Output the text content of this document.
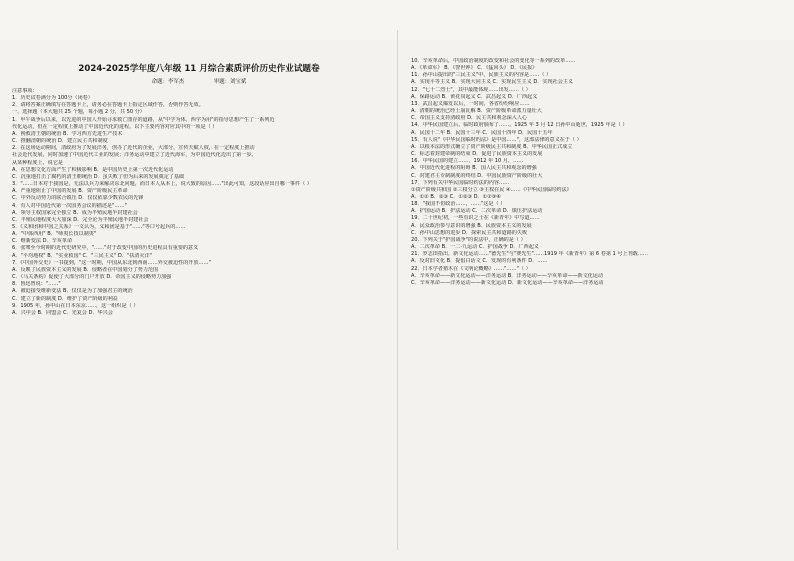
2024-2025学年度八年级 11 月综合素质评价历史作业试题卷
命题：李军杰	审题：刘宝斌
注意事项：
1．历史试卷满分为 100分（闭卷）
2．请将答案正确填写在答题卡上，请务必在答题卡上指定区域作答，否则作答无效。
一、选择题（本大题共 25 个题，每小题 2 分，共 50 分）
1．甲午战争后以来，以先进的中国人开始寻求救亡图存的道路，从"中学为体，西学为用"的指导思想产生了一系列近
代化运动，但在一定程度上推动了中国近代化的进程。以下主要内容对应其中的一项是（ ）
A．挽救清王朝的统治 B．学习西方先进生产技术
C．推翻清朝的统治 D．建立民主共和制度
2．在这场运动期间，清政府为了发展洋务，创办了近代的企业，大部分，宣传天赋人权，在一定程度上推动
社会近代发展，同时加速了中国近代工业的发展；洋务运动中建立了近代海军，为中国近代化迈出了第一步。
从某种程度上，说它是
A．在思想文化方面产生了积极影响 B．是中国历史上第一次近代化运动
C．沉重地打击了腐朽的清王朝统治 D．虽失败了但为后来的发展奠定了基础
3．"……日本对于我国是，无法以兵力来解决东北问题，而日本人从本上，说大致的原因……"出此可知，这段话应出自哪一事件（ ）
A．严重地阻止了中国的发展 B．资产阶级民主革命
C．中外反动势力的联合镇压 D．仅仅依靠少数农民的先锋
4．有人对中国近代第一次国务会议的描述是"……"
A．领导主权国家完全独立 B．成为半殖民地半封建社会
C．半殖民地程度大大加深 D．完全沦为半殖民地半封建社会
5．《义和团和中国之关系》一文认为，义和团是基于"……"等口号起兵的……
A．"中体西用" B．"师夷长技以制夷"
C．维新变法 D．辛亥革命
6．张骞至今时期的近代史研究中，"……"对于改变中国的历史进程具有重要的意义
A．"平均地权" B．"实业救国" C．"三民主义" D．"扶清灭洋"
7．《中国外交史》一书提到，"这一时期，中国从东北到西南……外交被迫性的开放……"
A．反映了民族资本主义的发展 B．侵略者在中国划分了势力范围
C．《马关条约》促使了大部分的门户开放 D．帝国主义的侵略势力加强
8．鲁迅曾说："……"
A．被迫接受维新变法 B．仅仅是为了加强君主的统治
C．建立了新的制度 D．维护了资产阶级的利益
9．1905 年，孙中山在日本东京……，这一组织是（ ）
A．兴中会 B．同盟会 C．光复会 D．华兴会
10．辛亥革命后，中国政治制度的改变和社会的变化等一系列的改革……
A．《革命军》 B．《警世钟》 C．《猛回头》 D．《民报》
11．孙中山提出的"三民主义"中，民族主义的内容是……（ ）
A．实现平等主义 B．实现大同主义 C．实现民生主义 D．实现社会主义
12．"七十二烈士"，其中最能体现……出发……（ ）
A．保路运动 B．黄花岗起义 C．武昌起义 D．广西起义
13．武昌起义爆发以后，一时间，各省纷纷响应……
A．清朝的统治已经土崩瓦解 B．资产阶级革命派力量壮大
C．帝国主义支持清政府 D．民主共和观念深入人心
14．中华民国建立后，临时政府颁布了……，1925 年 3 月 12 日孙中山逝世，1925 年是（ ）
A．民国十二年 B．民国十三年 C．民国十四年 D．民国十五年
15．有人说"《中华民国临时约法》是中国……"，这部法律的意义在于（ ）
A．以根本法的形式确立了资产阶级民主共和制度 B．中华民国正式成立
C．标志着封建帝制的结束 D．促进了民族资本主义的发展
16．中华民国的建立……，1912 年 10 月，……
A．中国近代化进程的阻碍 B．国人民主共和观念的增强
C．封建君主专制制度的终结 D．中国民族资产阶级的壮大
17．下列有关中华民国临时约法的内容……
①资产阶级共和国 ②三权分立 ③主权在民 ④……《中华民国临时约法》
A．①② B．②③ C．①②③ D．①②③④
18．"我国不但政治……，……"这是（ ）
A．护国运动 B．护法运动 C．二次革命 D．镇压护法运动
19．二十世纪初，一些有识之士在《新青年》中写道……
A．民众政治参与意识的增强 B．民族资本主义的发展
C．孙中山思想的进步 D．探索民主共和道路的失败
20．下列关于"护国战争"的说法中，正确的是（ ）
A．二次革命 B．一二·九运动 C．护国战争 D．广西起义
21．罗志田指出，新文化运动……"德先生"与"赛先生"……1919 年《新青年》第 6 卷第 1 号上刊载……
A．反对旧文化 B．提倡白话文 C．发现的有利条件 D．……
22．日本学者猪木在《文明论概略》……"……"（ ）
A．辛亥革命——新文化运动——洋务运动 B．洋务运动——辛亥革命——新文化运动
C．辛亥革命——洋务运动——新文化运动 D．新文化运动——辛亥革命——洋务运动
